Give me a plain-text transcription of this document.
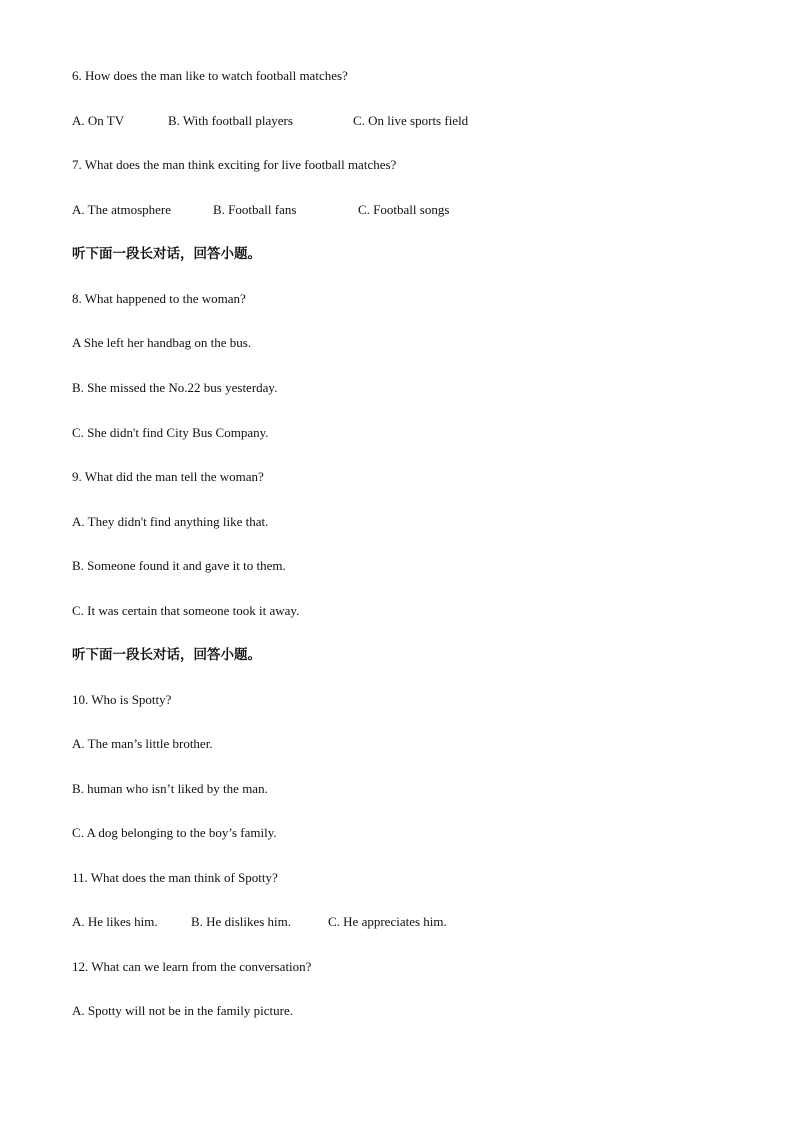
6. How does the man like to watch football matches?
A. On TV	B. With football players	C. On live sports field
7. What does the man think exciting for live football matches?
A. The atmosphere	B. Football fans	C. Football songs
听下面一段长对话，回答小题。
8. What happened to the woman?
A She left her handbag on the bus.
B. She missed the No.22 bus yesterday.
C. She didn't find City Bus Company.
9. What did the man tell the woman?
A. They didn't find anything like that.
B. Someone found it and gave it to them.
C. It was certain that someone took it away.
听下面一段长对话，回答小题。
10. Who is Spotty?
A. The man’s little brother.
B. human who isn’t liked by the man.
C. A dog belonging to the boy’s family.
11. What does the man think of Spotty?
A. He likes him.	B. He dislikes him.	C. He appreciates him.
12. What can we learn from the conversation?
A. Spotty will not be in the family picture.
